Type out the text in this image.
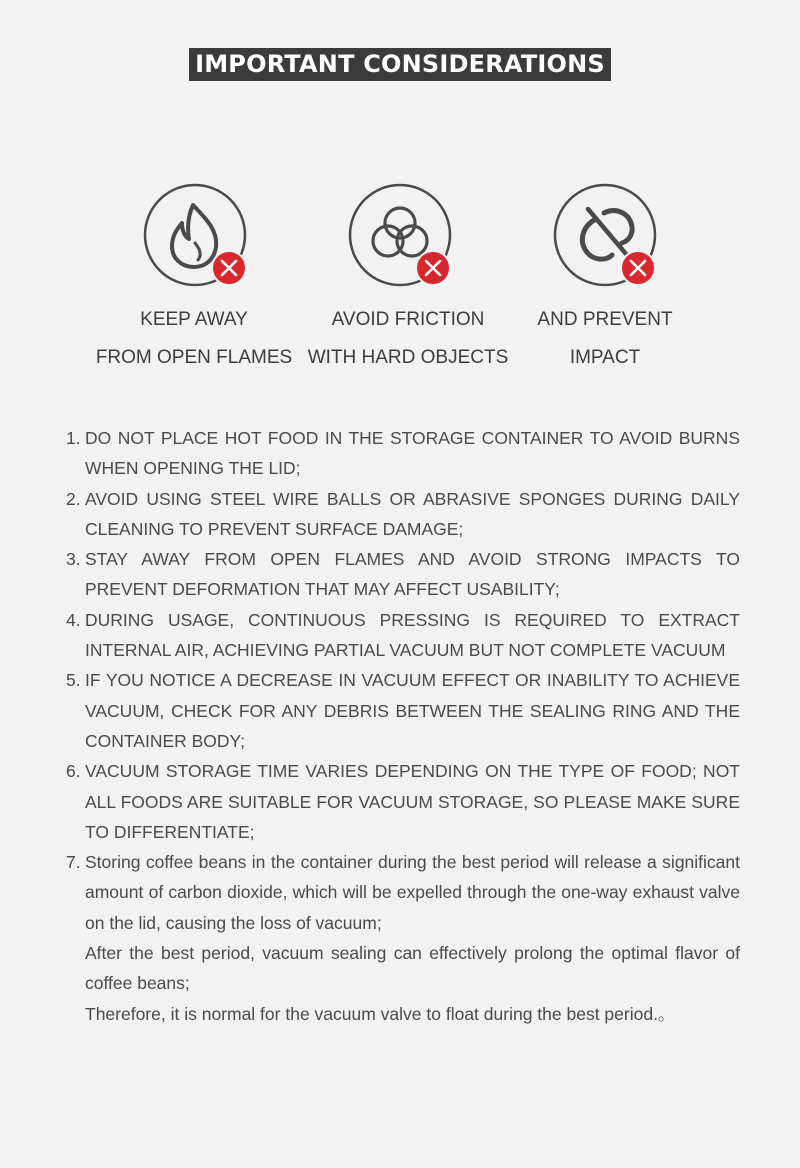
IMPORTANT CONSIDERATIONS
KEEP AWAY
FROM OPEN FLAMES
AVOID FRICTION
WITH HARD OBJECTS
AND PREVENT
IMPACT
1. DO NOT PLACE HOT FOOD IN THE STORAGE CONTAINER TO AVOID BURNS WHEN OPENING THE LID;
2. AVOID USING STEEL WIRE BALLS OR ABRASIVE SPONGES DURING DAILY CLEANING TO PREVENT SURFACE DAMAGE;
3. STAY AWAY FROM OPEN FLAMES AND AVOID STRONG IMPACTS TO PREVENT DEFORMATION THAT MAY AFFECT USABILITY;
4. DURING USAGE, CONTINUOUS PRESSING IS REQUIRED TO EXTRACT INTERNAL AIR, ACHIEVING PARTIAL VACUUM BUT NOT COMPLETE VACUUM
5. IF YOU NOTICE A DECREASE IN VACUUM EFFECT OR INABILITY TO ACHIEVE VACUUM, CHECK FOR ANY DEBRIS BETWEEN THE SEALING RING AND THE CONTAINER BODY;
6. VACUUM STORAGE TIME VARIES DEPENDING ON THE TYPE OF FOOD; NOT ALL FOODS ARE SUITABLE FOR VACUUM STORAGE, SO PLEASE MAKE SURE TO DIFFERENTIATE;
7. Storing coffee beans in the container during the best period will release a significant amount of carbon dioxide, which will be expelled through the one-way exhaust valve on the lid, causing the loss of vacuum;
After the best period, vacuum sealing can effectively prolong the optimal flavor of coffee beans;
Therefore, it is normal for the vacuum valve to float during the best period.。
